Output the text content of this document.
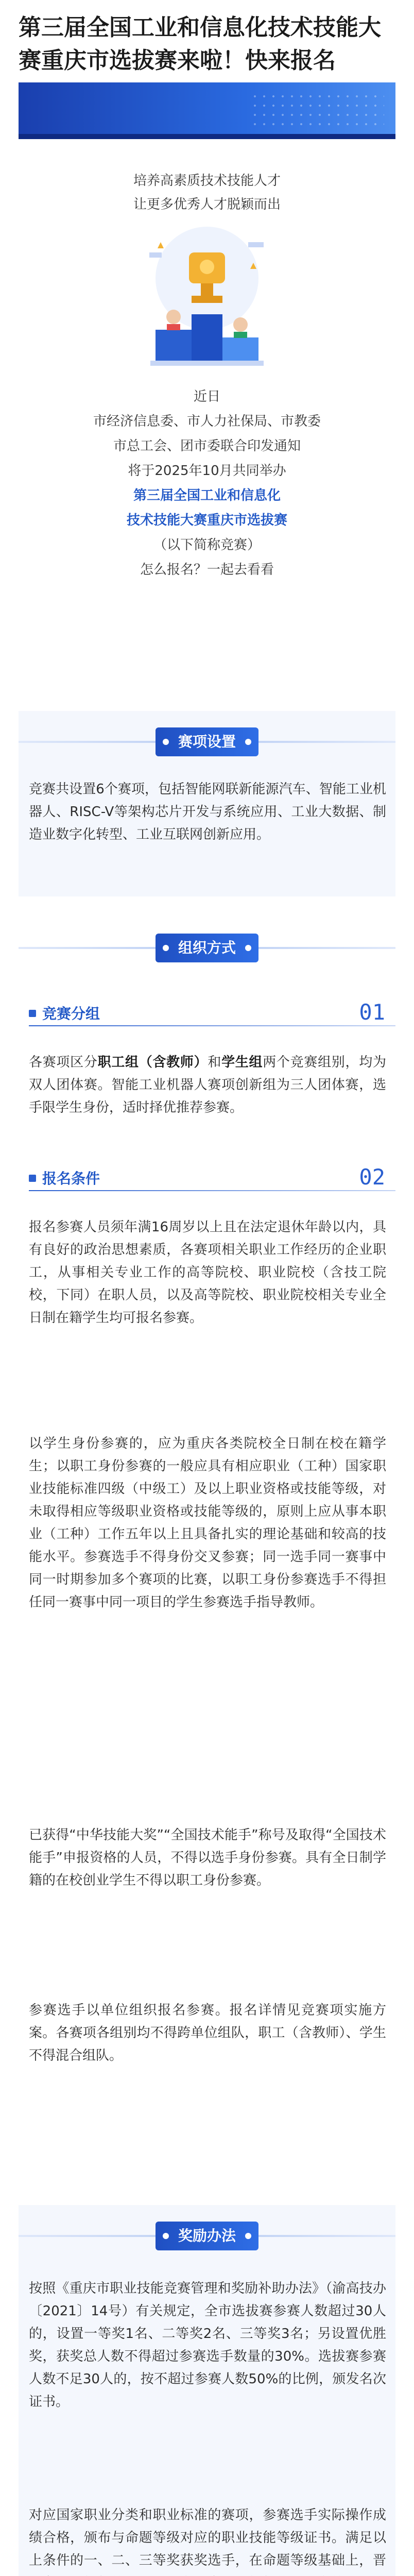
第三届全国工业和信息化技术技能大赛重庆市选拔赛来啦！快来报名
培养高素质技术技能人才
让更多优秀人才脱颖而出
近日
市经济信息委、市人力社保局、市教委
市总工会、团市委联合印发通知
将于2025年10月共同举办
第三届全国工业和信息化
技术技能大赛重庆市选拔赛
（以下简称竞赛）
怎么报名？一起去看看
赛项设置

竞赛共设置6个赛项，包括智能网联新能源汽车、智能工业机器人、RISC-V等架构芯片开发与系统应用、工业大数据、制造业数字化转型、工业互联网创新应用。

组织方式
竞赛分组	01

各赛项区分职工组（含教师）和学生组两个竞赛组别，均为双人团体赛。智能工业机器人赛项创新组为三人团体赛，选手限学生身份，适时择优推荐参赛。

报名条件	02

报名参赛人员须年满16周岁以上且在法定退休年龄以内，具有良好的政治思想素质，各赛项相关职业工作经历的企业职工，从事相关专业工作的高等院校、职业院校（含技工院校，下同）在职人员，以及高等院校、职业院校相关专业全日制在籍学生均可报名参赛。

以学生身份参赛的，应为重庆各类院校全日制在校在籍学生；以职工身份参赛的一般应具有相应职业（工种）国家职业技能标准四级（中级工）及以上职业资格或技能等级，对未取得相应等级职业资格或技能等级的，原则上应从事本职业（工种）工作五年以上且具备扎实的理论基础和较高的技能水平。参赛选手不得身份交叉参赛；同一选手同一赛事中同一时期参加多个赛项的比赛，以职工身份参赛选手不得担任同一赛事中同一项目的学生参赛选手指导教师。

已获得“中华技能大奖”“全国技术能手”称号及取得“全国技术能手”申报资格的人员，不得以选手身份参赛。具有全日制学籍的在校创业学生不得以职工身份参赛。

参赛选手以单位组织报名参赛。报名详情见竞赛项实施方案。各赛项各组别均不得跨单位组队，职工（含教师）、学生不得混合组队。

奖励办法

按照《重庆市职业技能竞赛管理和奖励补助办法》（渝高技办〔2021〕14号）有关规定，全市选拔赛参赛人数超过30人的，设置一等奖1名、二等奖2名、三等奖3名；另设置优胜奖，获奖总人数不得超过参赛选手数量的30%。选拔赛参赛人数不足30人的，按不超过参赛人数50%的比例，颁发名次证书。

对应国家职业分类和职业标准的赛项，参赛选手实际操作成绩合格，颁布与命题等级对应的职业技能等级证书。满足以上条件的一、二、三等奖获奖选手，在命题等级基础上，晋
